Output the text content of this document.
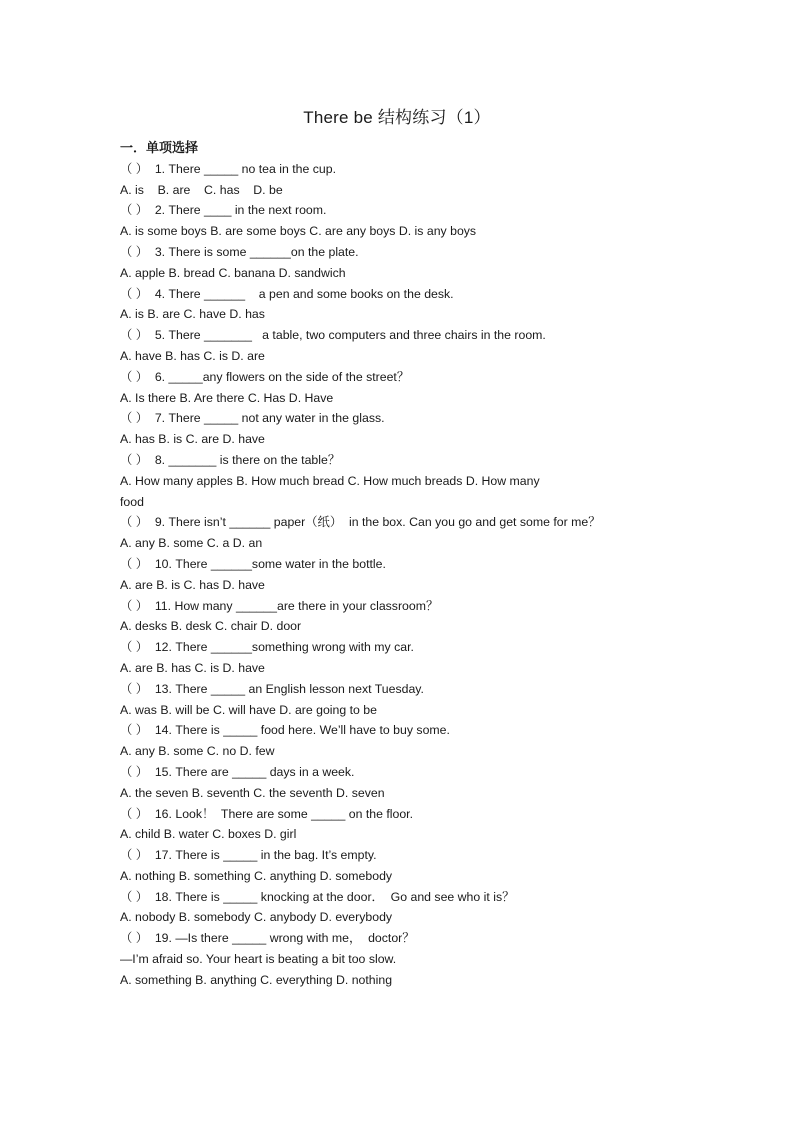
There be 结构练习（1）
一．单项选择
（ ）  1. There _____ no tea in the cup.
A. is    B. are    C. has    D. be
（ ）  2. There ____ in the next room.
A. is some boys B. are some boys C. are any boys D. is any boys
（ ）  3. There is some ______on the plate.
A. apple B. bread C. banana D. sandwich
（ ）  4. There ______    a pen and some books on the desk.
A. is B. are C. have D. has
（ ）  5. There _______   a table, two computers and three chairs in the room.
A. have B. has C. is D. are
（ ）  6. _____any flowers on the side of the street？
A. Is there B. Are there C. Has D. Have
（ ）  7. There _____ not any water in the glass.
A. has B. is C. are D. have
（ ）  8. _______ is there on the table？
A. How many apples B. How much bread C. How much breads D. How many
food
（ ）  9. There isn’t ______ paper（纸）  in the box. Can you go and get some for me？
A. any B. some C. a D. an
（ ）  10. There ______some water in the bottle.
A. are B. is C. has D. have
（ ）  11. How many ______are there in your classroom？
A. desks B. desk C. chair D. door
（ ）  12. There ______something wrong with my car.
A. are B. has C. is D. have
（ ）  13. There _____ an English lesson next Tuesday.
A. was B. will be C. will have D. are going to be
（ ）  14. There is _____ food here. We’ll have to buy some.
A. any B. some C. no D. few
（ ）  15. There are _____ days in a week.
A. the seven B. seventh C. the seventh D. seven
（ ）  16. Look！  There are some _____ on the floor.
A. child B. water C. boxes D. girl
（ ）  17. There is _____ in the bag. It’s empty.
A. nothing B. something C. anything D. somebody
（ ）  18. There is _____ knocking at the door．  Go and see who it is？
A. nobody B. somebody C. anybody D. everybody
（ ）  19. —Is there _____ wrong with me，  doctor？
—I’m afraid so. Your heart is beating a bit too slow.
A. something B. anything C. everything D. nothing
